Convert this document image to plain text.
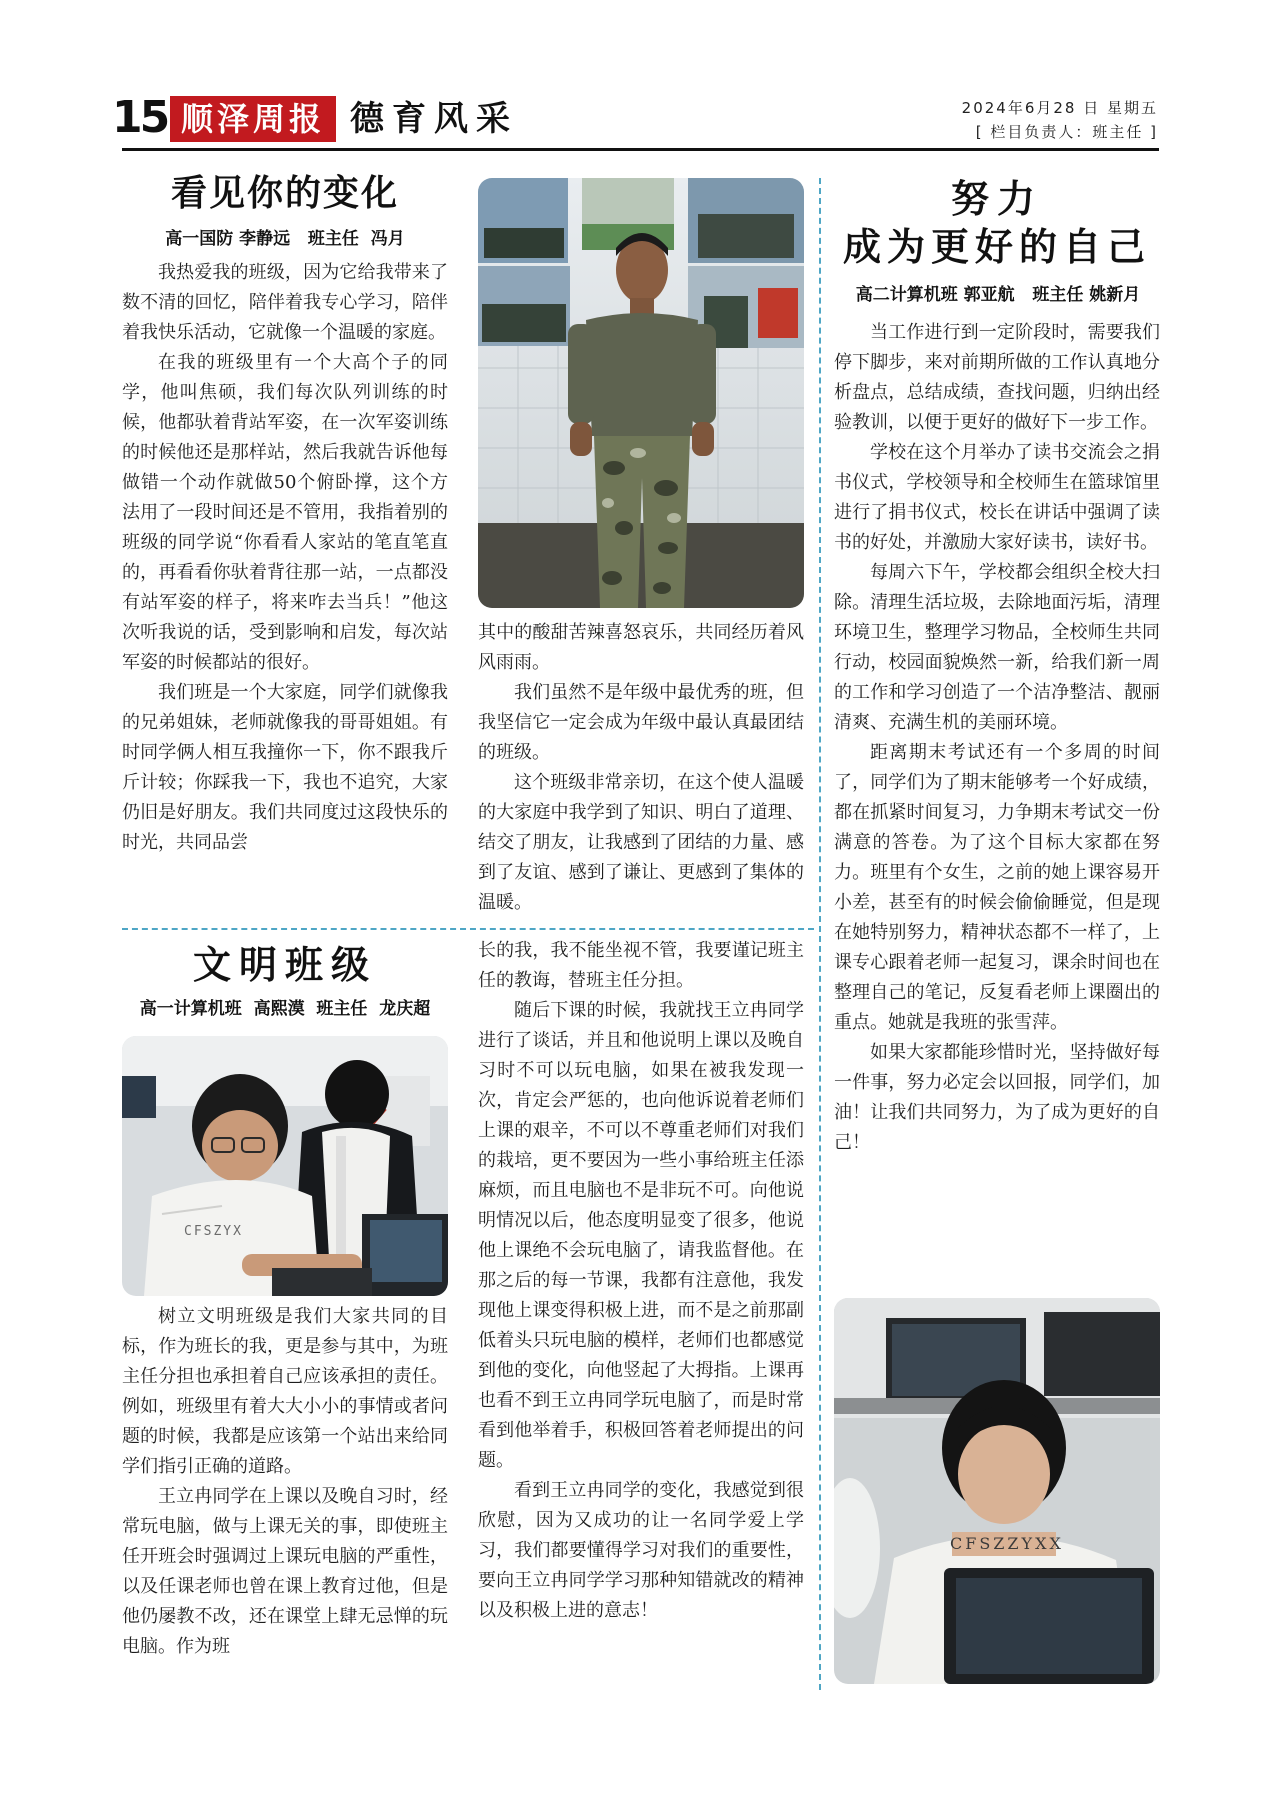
15 顺泽周报 德育风采	2024年6月28 日 星期五
[ 栏目负责人：班主任 ]
看见你的变化
高一国防 李静远   班主任  冯月

我热爱我的班级，因为它给我带来了数不清的回忆，陪伴着我专心学习，陪伴着我快乐活动，它就像一个温暖的家庭。

在我的班级里有一个大高个子的同学，他叫焦硕，我们每次队列训练的时候，他都驮着背站军姿，在一次军姿训练的时候他还是那样站，然后我就告诉他每做错一个动作就做50个俯卧撑，这个方法用了一段时间还是不管用，我指着别的班级的同学说“你看看人家站的笔直笔直的，再看看你驮着背往那一站，一点都没有站军姿的样子，将来咋去当兵！”他这次听我说的话，受到影响和启发，每次站军姿的时候都站的很好。

我们班是一个大家庭，同学们就像我的兄弟姐妹，老师就像我的哥哥姐姐。有时同学俩人相互我撞你一下，你不跟我斤斤计较；你踩我一下，我也不追究，大家仍旧是好朋友。我们共同度过这段快乐的时光，共同品尝

其中的酸甜苦辣喜怒哀乐，共同经历着风风雨雨。

我们虽然不是年级中最优秀的班，但我坚信它一定会成为年级中最认真最团结的班级。

这个班级非常亲切，在这个使人温暖的大家庭中我学到了知识、明白了道理、结交了朋友，让我感到了团结的力量、感到了友谊、感到了谦让、更感到了集体的温暖。

文明班级
高一计算机班  高熙漠  班主任  龙庆超
CFSZYX

树立文明班级是我们大家共同的目标，作为班长的我，更是参与其中，为班主任分担也承担着自己应该承担的责任。例如，班级里有着大大小小的事情或者问题的时候，我都是应该第一个站出来给同学们指引正确的道路。

王立冉同学在上课以及晚自习时，经常玩电脑，做与上课无关的事，即使班主任开班会时强调过上课玩电脑的严重性，以及任课老师也曾在课上教育过他，但是他仍屡教不改，还在课堂上肆无忌惮的玩电脑。作为班

长的我，我不能坐视不管，我要谨记班主任的教诲，替班主任分担。

随后下课的时候，我就找王立冉同学进行了谈话，并且和他说明上课以及晚自习时不可以玩电脑，如果在被我发现一次，肯定会严惩的，也向他诉说着老师们上课的艰辛，不可以不尊重老师们对我们的栽培，更不要因为一些小事给班主任添麻烦，而且电脑也不是非玩不可。向他说明情况以后，他态度明显变了很多，他说他上课绝不会玩电脑了，请我监督他。在那之后的每一节课，我都有注意他，我发现他上课变得积极上进，而不是之前那副低着头只玩电脑的模样，老师们也都感觉到他的变化，向他竖起了大拇指。上课再也看不到王立冉同学玩电脑了，而是时常看到他举着手，积极回答着老师提出的问题。

看到王立冉同学的变化，我感觉到很欣慰，因为又成功的让一名同学爱上学习，我们都要懂得学习对我们的重要性，要向王立冉同学学习那种知错就改的精神以及积极上进的意志！

努力
成为更好的自己
高二计算机班 郭亚航   班主任 姚新月

当工作进行到一定阶段时，需要我们停下脚步，来对前期所做的工作认真地分析盘点，总结成绩，查找问题，归纳出经验教训，以便于更好的做好下一步工作。

学校在这个月举办了读书交流会之捐书仪式，学校领导和全校师生在篮球馆里进行了捐书仪式，校长在讲话中强调了读书的好处，并激励大家好读书，读好书。

每周六下午，学校都会组织全校大扫除。清理生活垃圾，去除地面污垢，清理环境卫生，整理学习物品，全校师生共同行动，校园面貌焕然一新，给我们新一周的工作和学习创造了一个洁净整洁、靓丽清爽、充满生机的美丽环境。

距离期末考试还有一个多周的时间了，同学们为了期末能够考一个好成绩，都在抓紧时间复习，力争期末考试交一份满意的答卷。为了这个目标大家都在努力。班里有个女生，之前的她上课容易开小差，甚至有的时候会偷偷睡觉，但是现在她特别努力，精神状态都不一样了，上课专心跟着老师一起复习，课余时间也在整理自己的笔记，反复看老师上课圈出的重点。她就是我班的张雪萍。

如果大家都能珍惜时光，坚持做好每一件事，努力必定会以回报，同学们，加油！让我们共同努力，为了成为更好的自己！

CFSZZYXX
